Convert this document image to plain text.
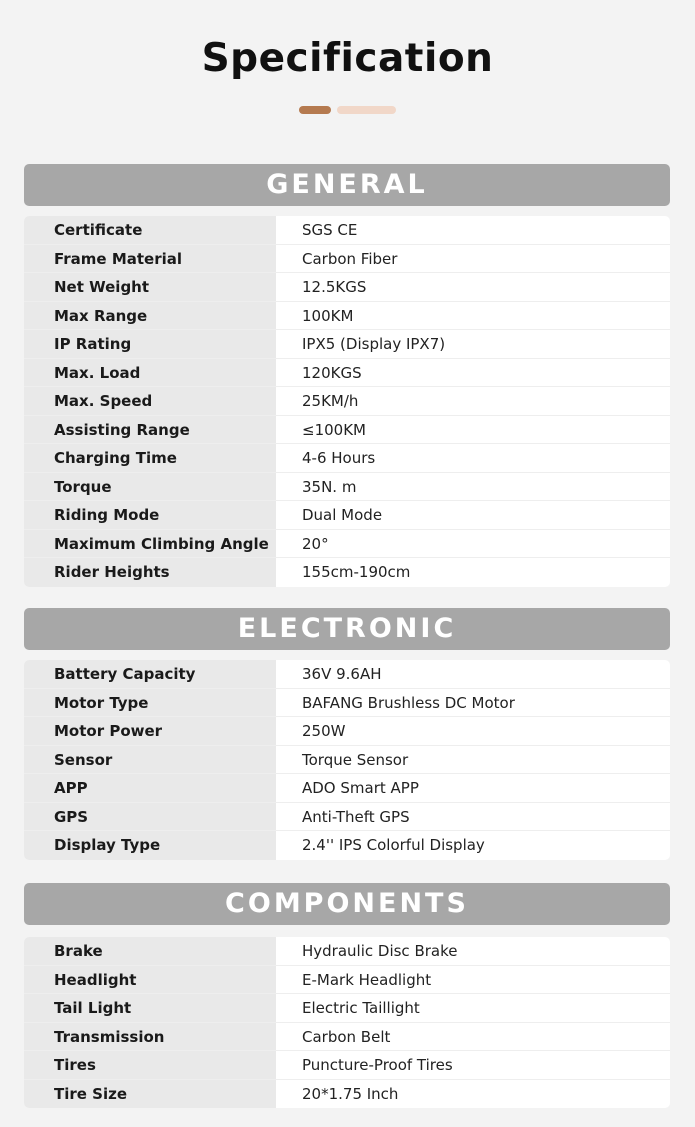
Specification
GENERAL
Certificate	SGS CE
Frame Material	Carbon Fiber
Net Weight	12.5KGS
Max Range	100KM
IP Rating	IPX5 (Display IPX7)
Max. Load	120KGS
Max. Speed	25KM/h
Assisting Range	≤100KM
Charging Time	4-6 Hours
Torque	35N. m
Riding Mode	Dual Mode
Maximum Climbing Angle	20°
Rider Heights	155cm-190cm
ELECTRONIC
Battery Capacity	36V 9.6AH
Motor Type	BAFANG Brushless DC Motor
Motor Power	250W
Sensor	Torque Sensor
APP	ADO Smart APP
GPS	Anti-Theft GPS
Display Type	2.4'' IPS Colorful Display
COMPONENTS
Brake	Hydraulic Disc Brake
Headlight	E-Mark Headlight
Tail Light	Electric Taillight
Transmission	Carbon Belt
Tires	Puncture-Proof Tires
Tire Size	20*1.75 Inch
